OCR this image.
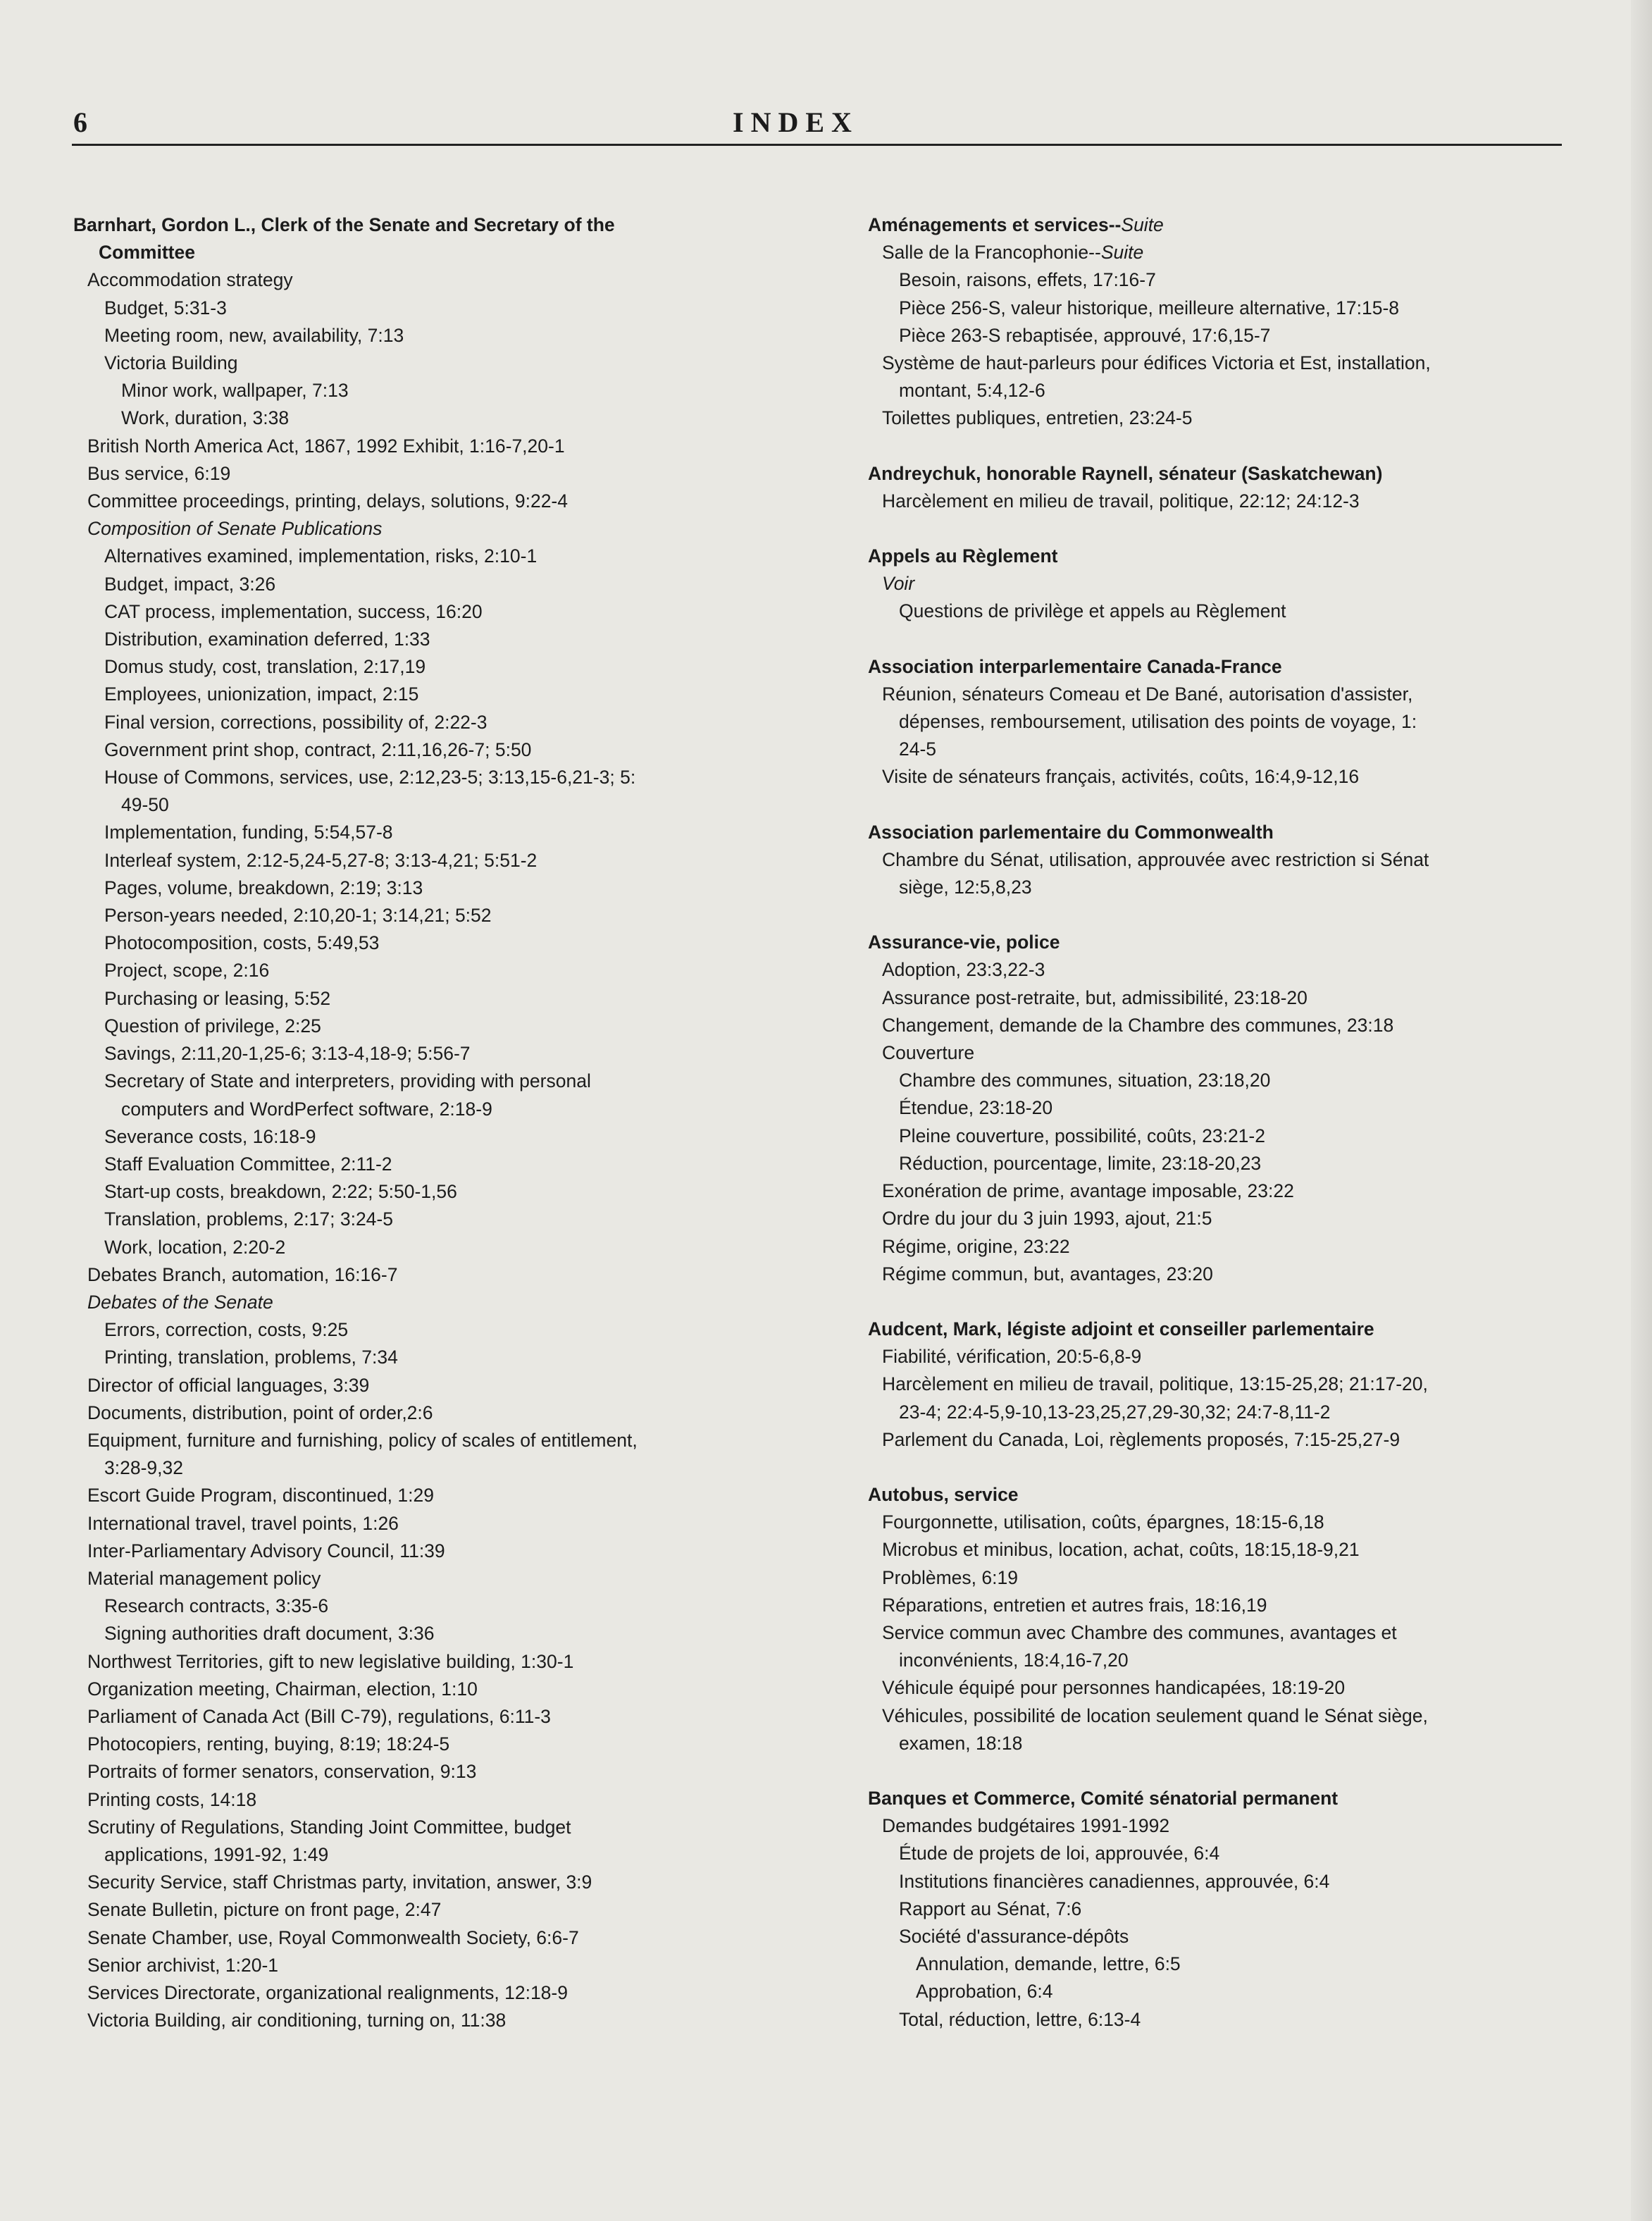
6	INDEX
Barnhart, Gordon L., Clerk of the Senate and Secretary of the
Committee
Accommodation strategy
Budget, 5:31-3
Meeting room, new, availability, 7:13
Victoria Building
Minor work, wallpaper, 7:13
Work, duration, 3:38
British North America Act, 1867, 1992 Exhibit, 1:16-7,20-1
Bus service, 6:19
Committee proceedings, printing, delays, solutions, 9:22-4
Composition of Senate Publications
Alternatives examined, implementation, risks, 2:10-1
Budget, impact, 3:26
CAT process, implementation, success, 16:20
Distribution, examination deferred, 1:33
Domus study, cost, translation, 2:17,19
Employees, unionization, impact, 2:15
Final version, corrections, possibility of, 2:22-3
Government print shop, contract, 2:11,16,26-7; 5:50
House of Commons, services, use, 2:12,23-5; 3:13,15-6,21-3; 5:
49-50
Implementation, funding, 5:54,57-8
Interleaf system, 2:12-5,24-5,27-8; 3:13-4,21; 5:51-2
Pages, volume, breakdown, 2:19; 3:13
Person-years needed, 2:10,20-1; 3:14,21; 5:52
Photocomposition, costs, 5:49,53
Project, scope, 2:16
Purchasing or leasing, 5:52
Question of privilege, 2:25
Savings, 2:11,20-1,25-6; 3:13-4,18-9; 5:56-7
Secretary of State and interpreters, providing with personal
computers and WordPerfect software, 2:18-9
Severance costs, 16:18-9
Staff Evaluation Committee, 2:11-2
Start-up costs, breakdown, 2:22; 5:50-1,56
Translation, problems, 2:17; 3:24-5
Work, location, 2:20-2
Debates Branch, automation, 16:16-7
Debates of the Senate
Errors, correction, costs, 9:25
Printing, translation, problems, 7:34
Director of official languages, 3:39
Documents, distribution, point of order,2:6
Equipment, furniture and furnishing, policy of scales of entitlement,
3:28-9,32
Escort Guide Program, discontinued, 1:29
International travel, travel points, 1:26
Inter-Parliamentary Advisory Council, 11:39
Material management policy
Research contracts, 3:35-6
Signing authorities draft document, 3:36
Northwest Territories, gift to new legislative building, 1:30-1
Organization meeting, Chairman, election, 1:10
Parliament of Canada Act (Bill C-79), regulations, 6:11-3
Photocopiers, renting, buying, 8:19; 18:24-5
Portraits of former senators, conservation, 9:13
Printing costs, 14:18
Scrutiny of Regulations, Standing Joint Committee, budget
applications, 1991-92, 1:49
Security Service, staff Christmas party, invitation, answer, 3:9
Senate Bulletin, picture on front page, 2:47
Senate Chamber, use, Royal Commonwealth Society, 6:6-7
Senior archivist, 1:20-1
Services Directorate, organizational realignments, 12:18-9
Victoria Building, air conditioning, turning on, 11:38
Aménagements et services--Suite
Salle de la Francophonie--Suite
Besoin, raisons, effets, 17:16-7
Pièce 256-S, valeur historique, meilleure alternative, 17:15-8
Pièce 263-S rebaptisée, approuvé, 17:6,15-7
Système de haut-parleurs pour édifices Victoria et Est, installation,
montant, 5:4,12-6
Toilettes publiques, entretien, 23:24-5
Andreychuk, honorable Raynell, sénateur (Saskatchewan)
Harcèlement en milieu de travail, politique, 22:12; 24:12-3
Appels au Règlement
Voir
Questions de privilège et appels au Règlement
Association interparlementaire Canada-France
Réunion, sénateurs Comeau et De Bané, autorisation d'assister,
dépenses, remboursement, utilisation des points de voyage, 1:
24-5
Visite de sénateurs français, activités, coûts, 16:4,9-12,16
Association parlementaire du Commonwealth
Chambre du Sénat, utilisation, approuvée avec restriction si Sénat
siège, 12:5,8,23
Assurance-vie, police
Adoption, 23:3,22-3
Assurance post-retraite, but, admissibilité, 23:18-20
Changement, demande de la Chambre des communes, 23:18
Couverture
Chambre des communes, situation, 23:18,20
Étendue, 23:18-20
Pleine couverture, possibilité, coûts, 23:21-2
Réduction, pourcentage, limite, 23:18-20,23
Exonération de prime, avantage imposable, 23:22
Ordre du jour du 3 juin 1993, ajout, 21:5
Régime, origine, 23:22
Régime commun, but, avantages, 23:20
Audcent, Mark, légiste adjoint et conseiller parlementaire
Fiabilité, vérification, 20:5-6,8-9
Harcèlement en milieu de travail, politique, 13:15-25,28; 21:17-20,
23-4; 22:4-5,9-10,13-23,25,27,29-30,32; 24:7-8,11-2
Parlement du Canada, Loi, règlements proposés, 7:15-25,27-9
Autobus, service
Fourgonnette, utilisation, coûts, épargnes, 18:15-6,18
Microbus et minibus, location, achat, coûts, 18:15,18-9,21
Problèmes, 6:19
Réparations, entretien et autres frais, 18:16,19
Service commun avec Chambre des communes, avantages et
inconvénients, 18:4,16-7,20
Véhicule équipé pour personnes handicapées, 18:19-20
Véhicules, possibilité de location seulement quand le Sénat siège,
examen, 18:18
Banques et Commerce, Comité sénatorial permanent
Demandes budgétaires 1991-1992
Étude de projets de loi, approuvée, 6:4
Institutions financières canadiennes, approuvée, 6:4
Rapport au Sénat, 7:6
Société d'assurance-dépôts
Annulation, demande, lettre, 6:5
Approbation, 6:4
Total, réduction, lettre, 6:13-4
